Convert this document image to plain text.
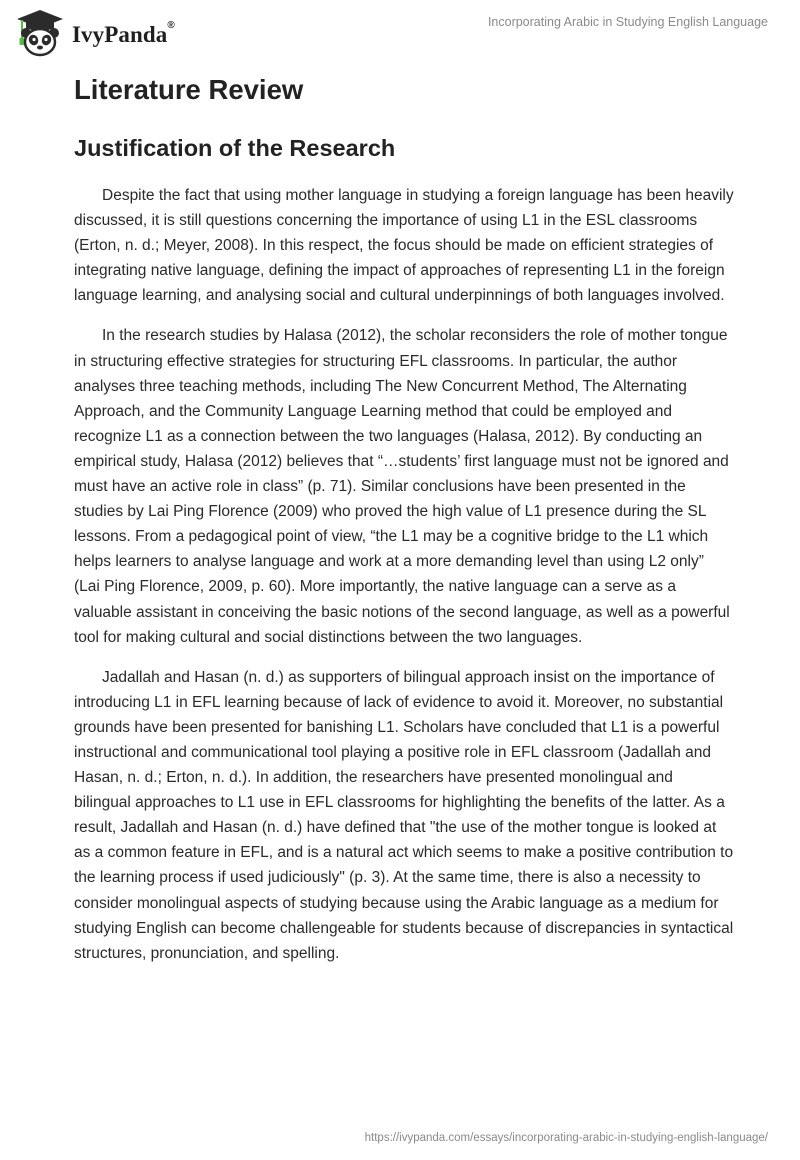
IvyPanda®	Incorporating Arabic in Studying English Language
Literature Review
Justification of the Research

Despite the fact that using mother language in studying a foreign language has been heavily discussed, it is still questions concerning the importance of using L1 in the ESL classrooms (Erton, n. d.; Meyer, 2008). In this respect, the focus should be made on efficient strategies of integrating native language, defining the impact of approaches of representing L1 in the foreign language learning, and analysing social and cultural underpinnings of both languages involved.

In the research studies by Halasa (2012), the scholar reconsiders the role of mother tongue in structuring effective strategies for structuring EFL classrooms. In particular, the author analyses three teaching methods, including The New Concurrent Method, The Alternating Approach, and the Community Language Learning method that could be employed and recognize L1 as a connection between the two languages (Halasa, 2012). By conducting an empirical study, Halasa (2012) believes that “…students’ first language must not be ignored and must have an active role in class” (p. 71). Similar conclusions have been presented in the studies by Lai Ping Florence (2009) who proved the high value of L1 presence during the SL lessons. From a pedagogical point of view, “the L1 may be a cognitive bridge to the L1 which helps learners to analyse language and work at a more demanding level than using L2 only” (Lai Ping Florence, 2009, p. 60). More importantly, the native language can a serve as a valuable assistant in conceiving the basic notions of the second language, as well as a powerful tool for making cultural and social distinctions between the two languages.

Jadallah and Hasan (n. d.) as supporters of bilingual approach insist on the importance of introducing L1 in EFL learning because of lack of evidence to avoid it. Moreover, no substantial grounds have been presented for banishing L1. Scholars have concluded that L1 is a powerful instructional and communicational tool playing a positive role in EFL classroom (Jadallah and Hasan, n. d.; Erton, n. d.). In addition, the researchers have presented monolingual and bilingual approaches to L1 use in EFL classrooms for highlighting the benefits of the latter. As a result, Jadallah and Hasan (n. d.) have defined that "the use of the mother tongue is looked at as a common feature in EFL, and is a natural act which seems to make a positive contribution to the learning process if used judiciously" (p. 3). At the same time, there is also a necessity to consider monolingual aspects of studying because using the Arabic language as a medium for studying English can become challengeable for students because of discrepancies in syntactical structures, pronunciation, and spelling.

https://ivypanda.com/essays/incorporating-arabic-in-studying-english-language/
